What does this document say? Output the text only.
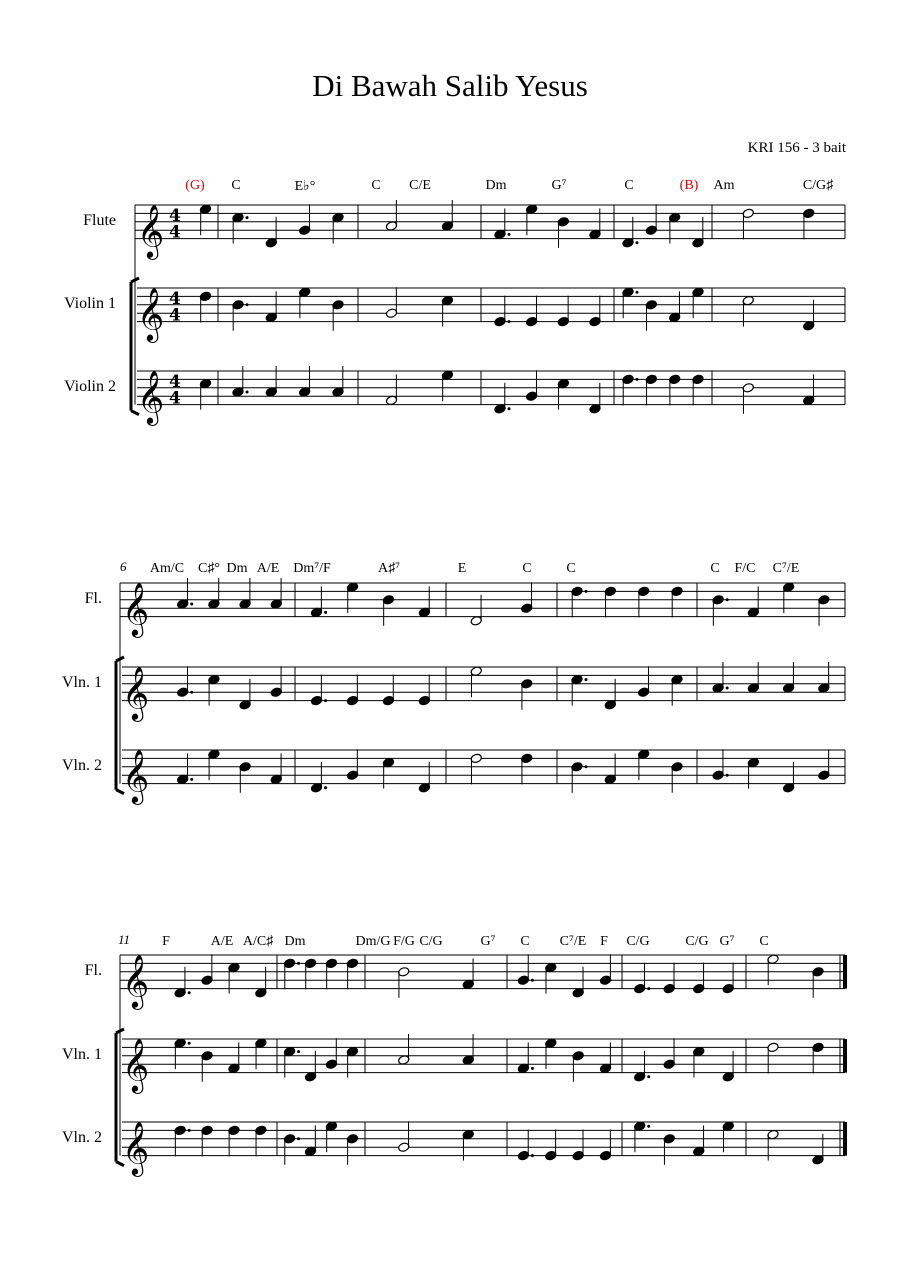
Di Bawah Salib Yesus
KRI 156 - 3 bait
C	E♭°	C C/E	Dm	G⁷	C	Am	C/G♯
(G)	(B)
Flute
Violin 1
Violin 2
6 Am/C C♯° Dm A/E Dm⁷/F	A♯⁷	E	C C	C F/C C⁷/E
Fl.
Vln. 1
Vln. 2
11 F	A/E A/C♯ Dm	Dm/G F/G C/G	G⁷ C C⁷/E F C/G	C/G G⁷ C
Fl.
Vln. 1
Vln. 2
𝄞 4
4
𝄞 4
4
𝄞 4
4
𝄞
𝄞
𝄞
𝄞
𝄞
𝄞
